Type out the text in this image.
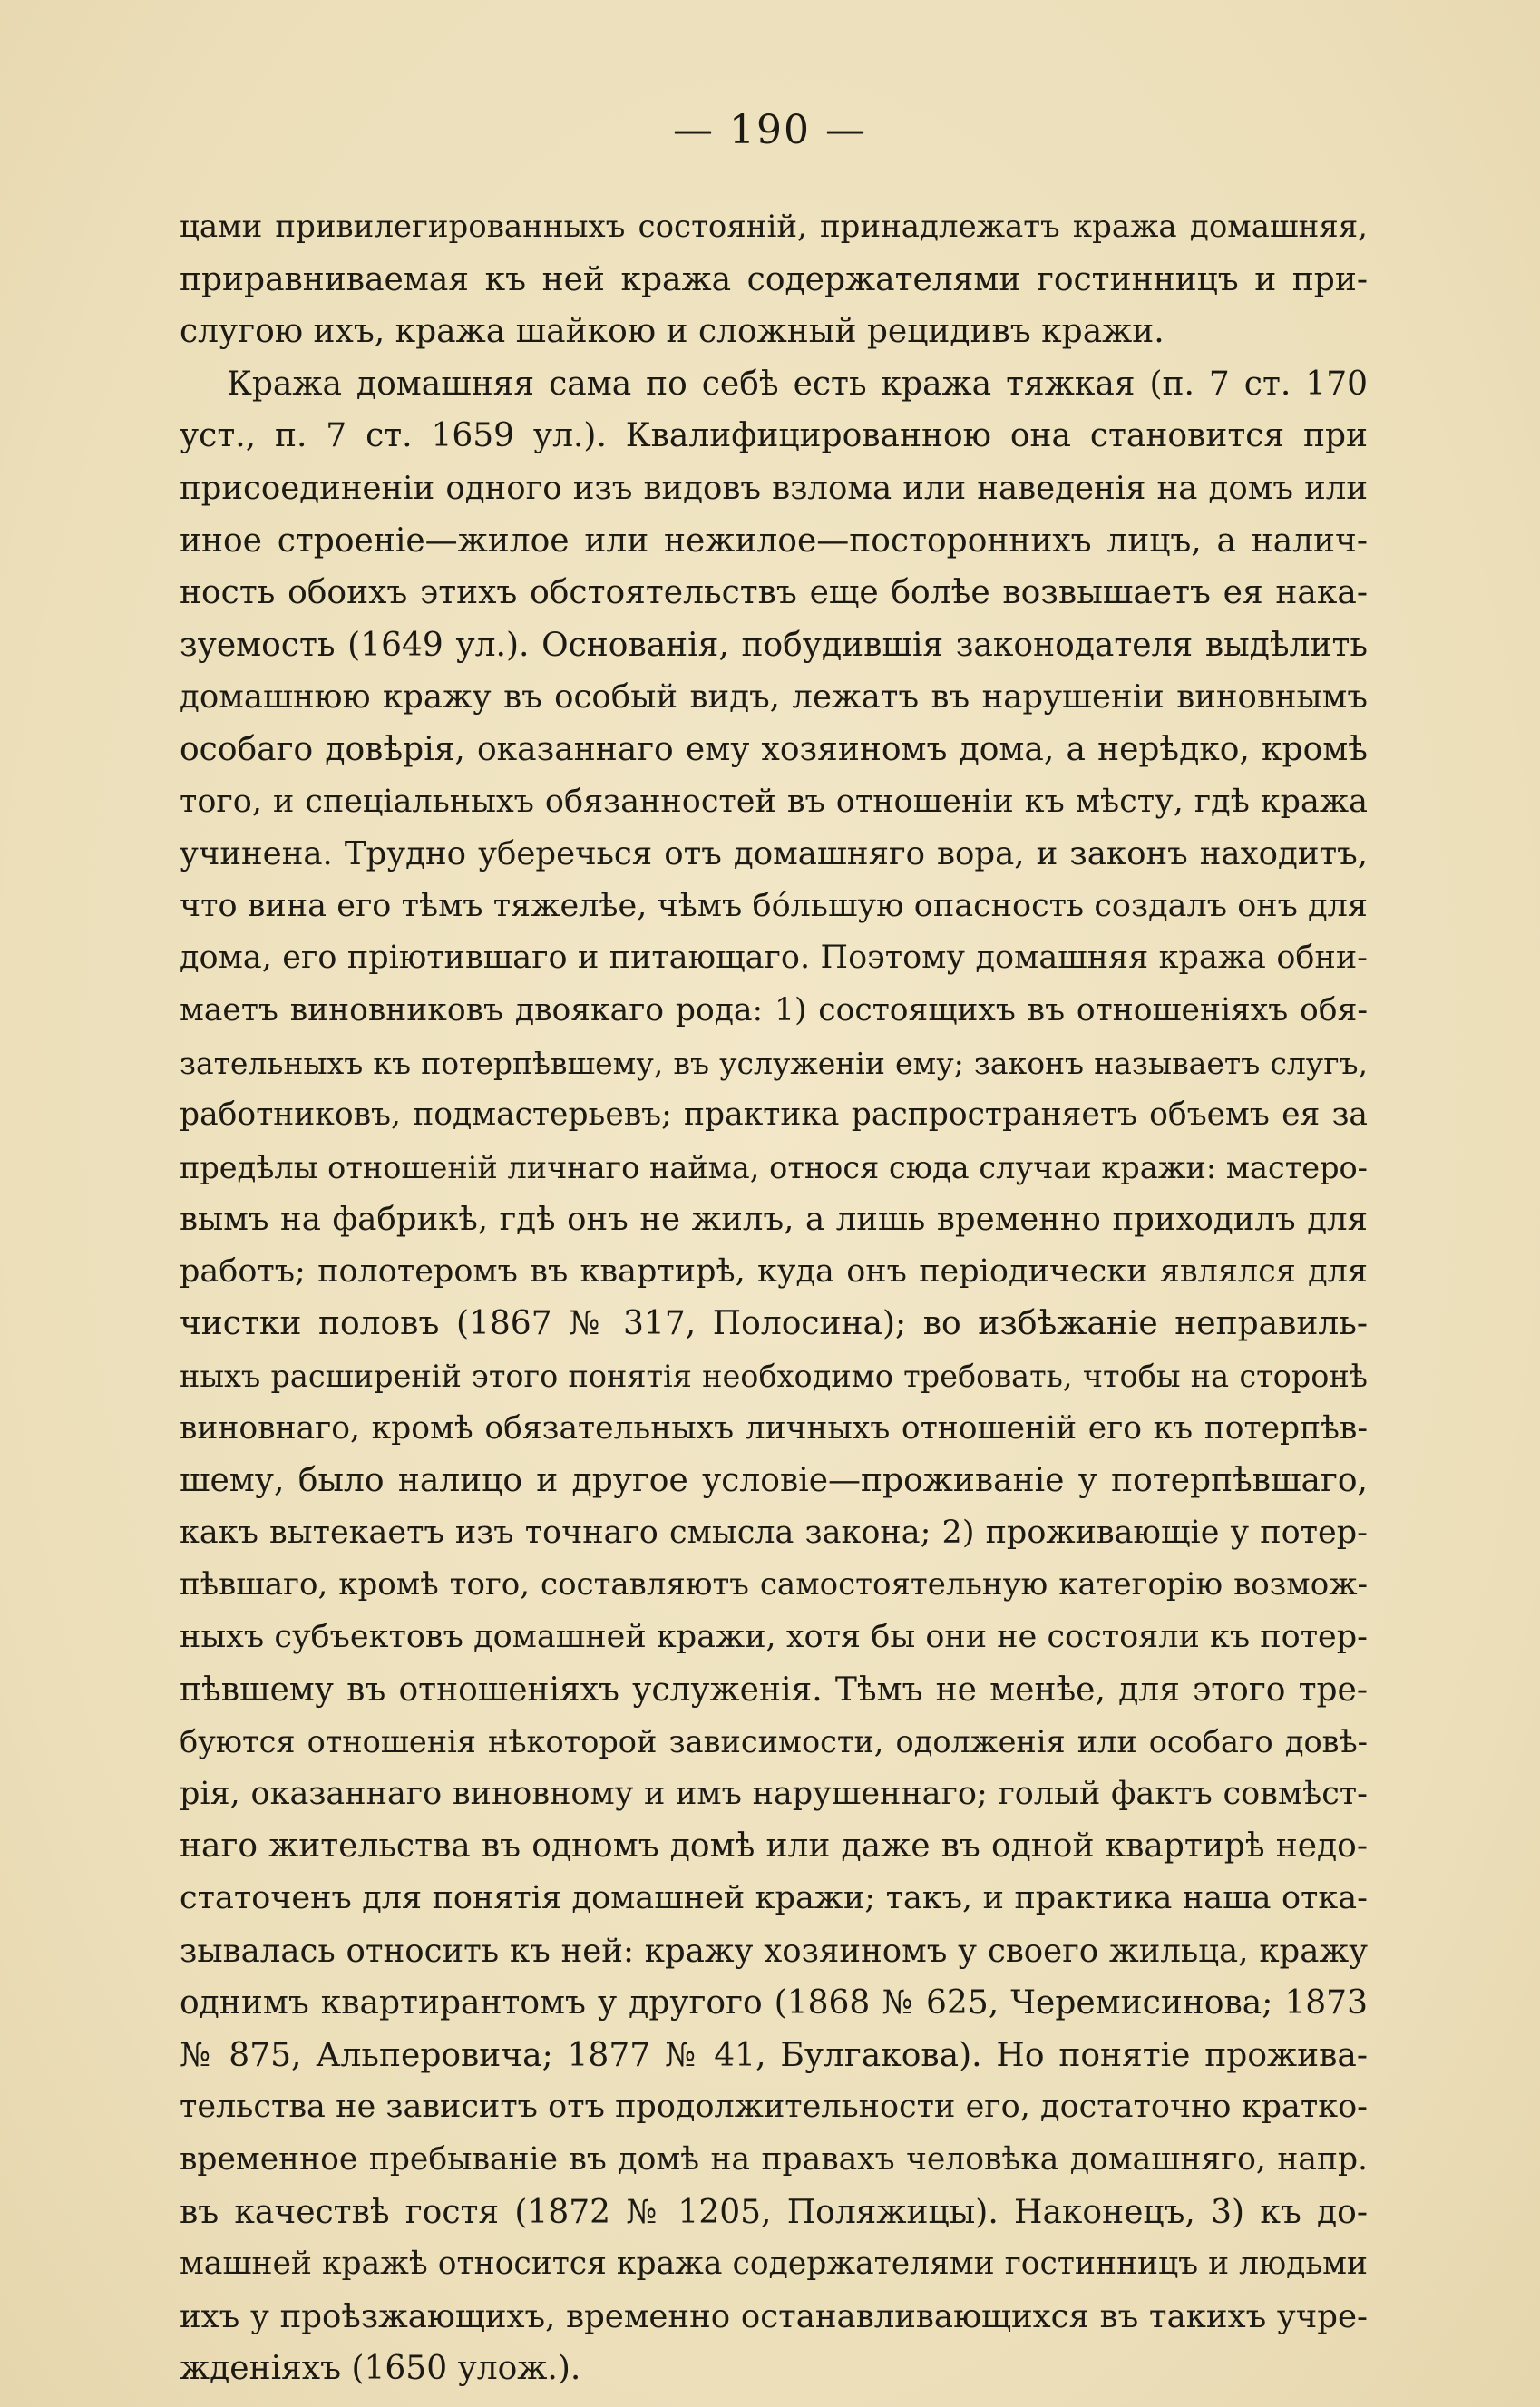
— 190 —
цами привилегированныхъ состояній, принадлежатъ кража домашняя,
приравниваемая къ ней кража содержателями гостинницъ и при-
слугою ихъ, кража шайкою и сложный рецидивъ кражи.
Кража домашняя сама по себѣ есть кража тяжкая (п. 7 ст. 170
уст., п. 7 ст. 1659 ул.). Квалифицированною она становится при
присоединеніи одного изъ видовъ взлома или наведенія на домъ или
иное строеніе—жилое или нежилое—постороннихъ лицъ, а налич-
ность обоихъ этихъ обстоятельствъ еще болѣе возвышаетъ ея нака-
зуемость (1649 ул.). Основанія, побудившія законодателя выдѣлить
домашнюю кражу въ особый видъ, лежатъ въ нарушеніи виновнымъ
особаго довѣрія, оказаннаго ему хозяиномъ дома, а нерѣдко, кромѣ
того, и спеціальныхъ обязанностей въ отношеніи къ мѣсту, гдѣ кража
учинена. Трудно уберечься отъ домашняго вора, и законъ находитъ,
что вина его тѣмъ тяжелѣе, чѣмъ бо́льшую опасность создалъ онъ для
дома, его пріютившаго и питающаго. Поэтому домашняя кража обни-
маетъ виновниковъ двоякаго рода: 1) состоящихъ въ отношеніяхъ обя-
зательныхъ къ потерпѣвшему, въ услуженіи ему; законъ называетъ слугъ,
работниковъ, подмастерьевъ; практика распространяетъ объемъ ея за
предѣлы отношеній личнаго найма, относя сюда случаи кражи: мастеро-
вымъ на фабрикѣ, гдѣ онъ не жилъ, а лишь временно приходилъ для
работъ; полотеромъ въ квартирѣ, куда онъ періодически являлся для
чистки половъ (1867 № 317, Полосина); во избѣжаніе неправиль-
ныхъ расширеній этого понятія необходимо требовать, чтобы на сторонѣ
виновнаго, кромѣ обязательныхъ личныхъ отношеній его къ потерпѣв-
шему, было налицо и другое условіе—проживаніе у потерпѣвшаго,
какъ вытекаетъ изъ точнаго смысла закона; 2) проживающіе у потер-
пѣвшаго, кромѣ того, составляютъ самостоятельную категорію возмож-
ныхъ субъектовъ домашней кражи, хотя бы они не состояли къ потер-
пѣвшему въ отношеніяхъ услуженія. Тѣмъ не менѣе, для этого тре-
буются отношенія нѣкоторой зависимости, одолженія или особаго довѣ-
рія, оказаннаго виновному и имъ нарушеннаго; голый фактъ совмѣст-
наго жительства въ одномъ домѣ или даже въ одной квартирѣ недо-
статоченъ для понятія домашней кражи; такъ, и практика наша отка-
зывалась относить къ ней: кражу хозяиномъ у своего жильца, кражу
однимъ квартирантомъ у другого (1868 № 625, Черемисинова; 1873
№ 875, Альперовича; 1877 № 41, Булгакова). Но понятіе прожива-
тельства не зависитъ отъ продолжительности его, достаточно кратко-
временное пребываніе въ домѣ на правахъ человѣка домашняго, напр.
въ качествѣ гостя (1872 № 1205, Поляжицы). Наконецъ, 3) къ до-
машней кражѣ относится кража содержателями гостинницъ и людьми
ихъ у проѣзжающихъ, временно останавливающихся въ такихъ учре-
жденіяхъ (1650 улож.).
